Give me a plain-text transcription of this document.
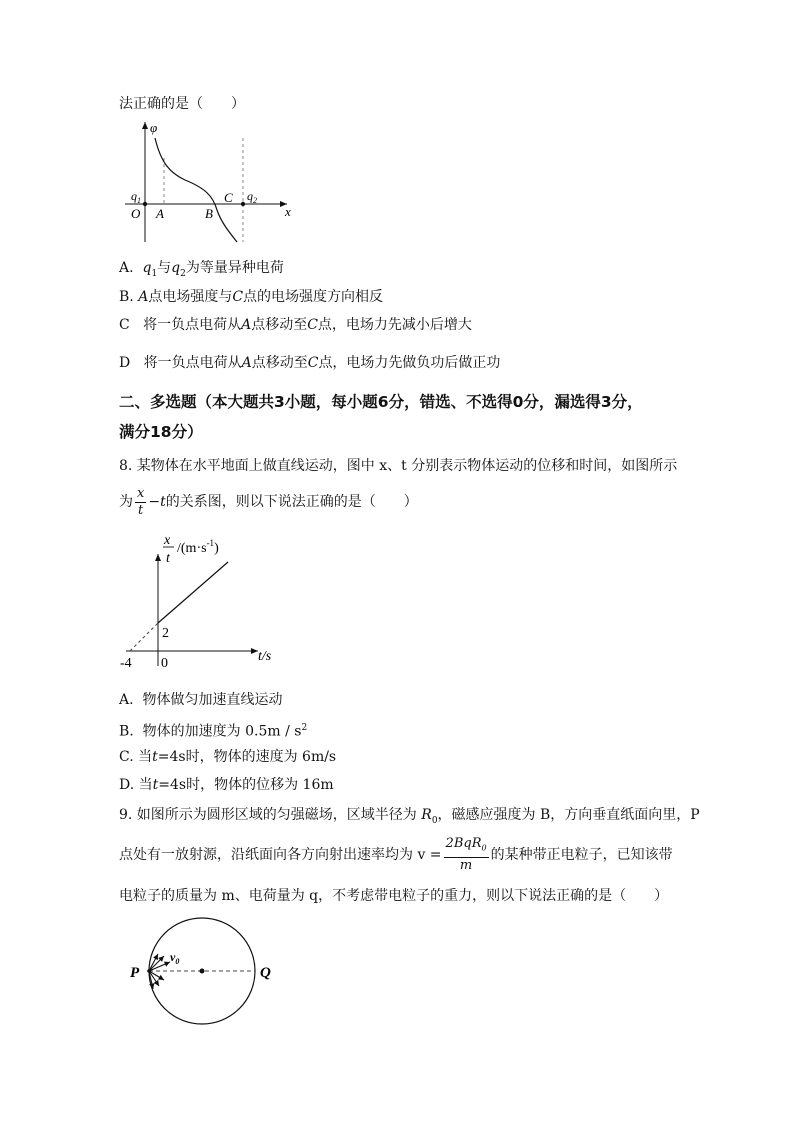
法正确的是（　　）
φ
x
O A	B
C
$q_1$	$q_2$
A. $q_1$与$q_2$为等量异种电荷
B. A点电场强度与C点的电场强度方向相反
C 将一负点电荷从A点移动至C点，电场力先减小后增大
D 将一负点电荷从A点移动至C点，电场力先做负功后做正功
二、多选题（本大题共3小题，每小题6分，错选、不选得0分，漏选得3分，
满分18分）
8. 某物体在水平地面上做直线运动，图中 x、t 分别表示物体运动的位移和时间，如图所示
为 $\frac{x}{t} -t$的关系图，则以下说法正确的是（　　）
x
t
$/(m\cdot s^{-1})$
2
-4 0	t/s
A. 物体做匀加速直线运动
B. 物体的加速度为 $0.5m / s^2$
C. 当t=4s时，物体的速度为 6m/s
D. 当t=4s时，物体的位移为 16m
9. 如图所示为圆形区域的匀强磁场，区域半径为 $R_0$，磁感应强度为 B，方向垂直纸面向里，P
点处有一放射源，沿纸面向各方向射出速率均为 $v = \frac{2BqR_0}{m}$ 的某种带正电粒子，已知该带
电粒子的质量为 m、电荷量为 q，不考虑带电粒子的重力，则以下说法正确的是（　　）
P	Q
$v_0$
